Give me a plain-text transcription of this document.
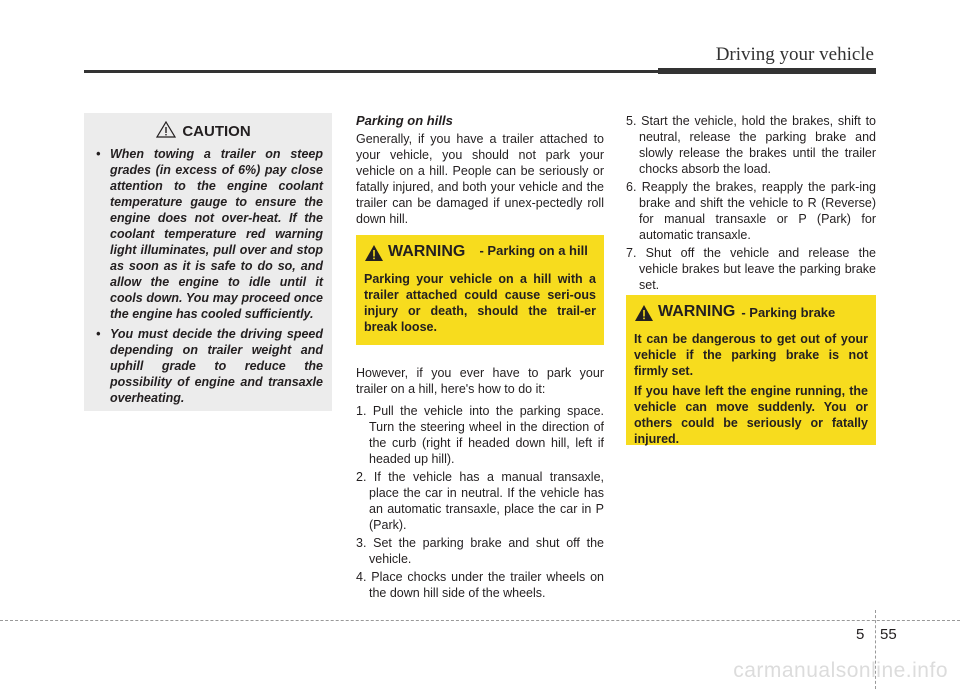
Driving your vehicle
CAUTION
• When towing a trailer on steep grades (in excess of 6%) pay close attention to the engine coolant temperature gauge to ensure the engine does not over-heat. If the coolant temperature red warning light illuminates, pull over and stop as soon as it is safe to do so, and allow the engine to idle until it cools down. You may proceed once the engine has cooled sufficiently.
• You must decide the driving speed depending on trailer weight and uphill grade to reduce the possibility of engine and transaxle overheating.
Parking on hills

Generally, if you have a trailer attached to your vehicle, you should not park your vehicle on a hill. People can be seriously or fatally injured, and both your vehicle and the trailer can be damaged if unex-pectedly roll down hill.

However, if you ever have to park your trailer on a hill, here's how to do it:

1. Pull the vehicle into the parking space. Turn the steering wheel in the direction of the curb (right if headed down hill, left if headed up hill).
2. If the vehicle has a manual transaxle, place the car in neutral. If the vehicle has an automatic transaxle, place the car in P (Park).
3. Set the parking brake and shut off the vehicle.
4. Place chocks under the trailer wheels on the down hill side of the wheels.
5. Start the vehicle, hold the brakes, shift to neutral, release the parking brake and slowly release the brakes until the trailer chocks absorb the load.
6. Reapply the brakes, reapply the park-ing brake and shift the vehicle to R (Reverse) for manual transaxle or P (Park) for automatic transaxle.
7. Shut off the vehicle and release the vehicle brakes but leave the parking brake set.
WARNING	- Parking on a hill

Parking your vehicle on a hill with a trailer attached could cause seri-ous injury or death, should the trail-er break loose.

WARNING - Parking brake

It can be dangerous to get out of your vehicle if the parking brake is not firmly set.

If you have left the engine running, the vehicle can move suddenly. You or others could be seriously or fatally injured.

5 55
carmanualsonline.info
